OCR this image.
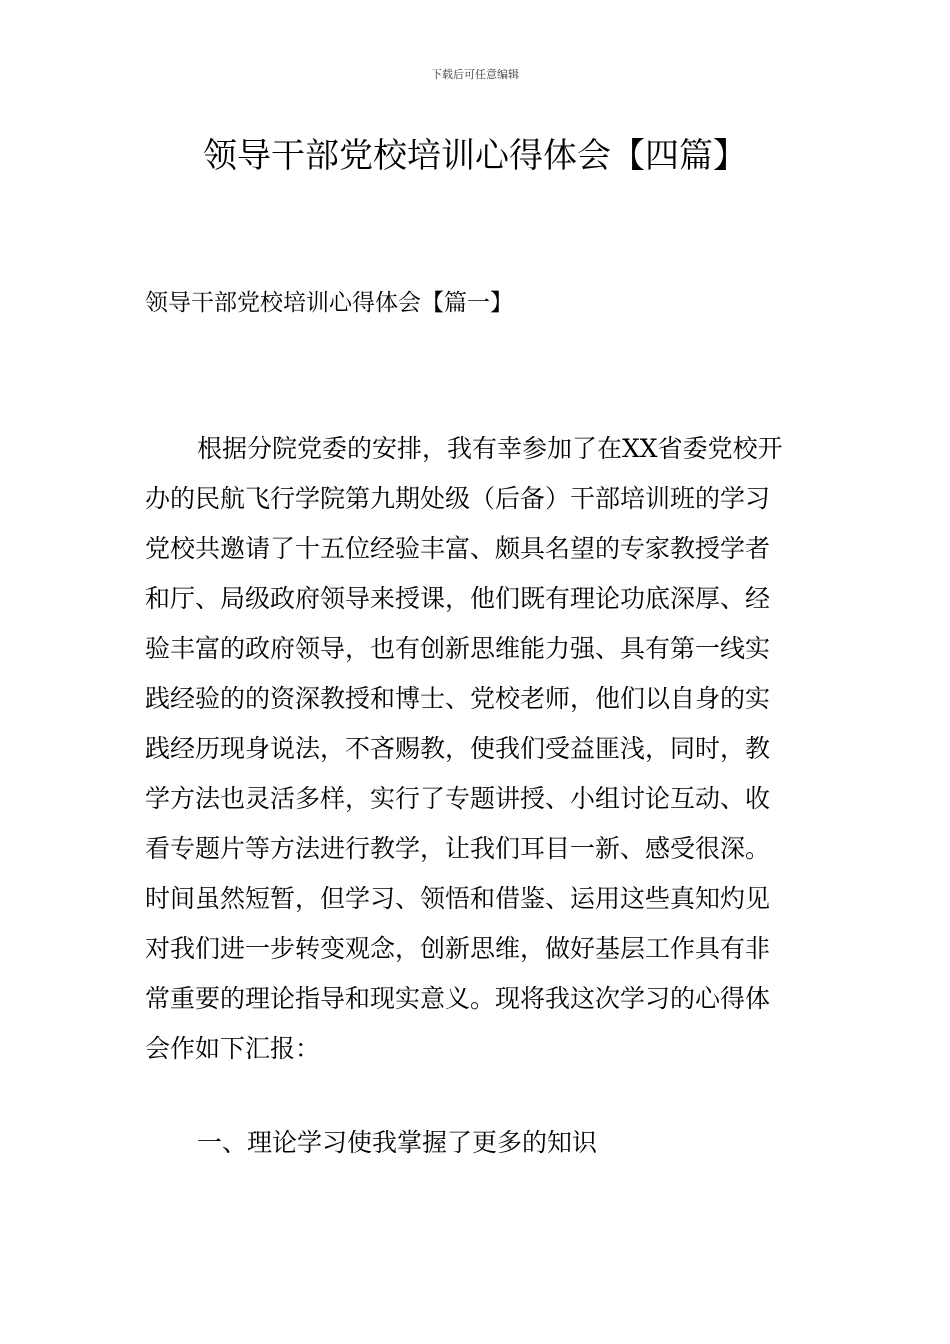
下载后可任意编辑
领导干部党校培训心得体会【四篇】
领导干部党校培训心得体会【篇一】
根据分院党委的安排，我有幸参加了在XX省委党校开
办的民航飞行学院第九期处级（后备）干部培训班的学习
党校共邀请了十五位经验丰富、颇具名望的专家教授学者
和厅、局级政府领导来授课，他们既有理论功底深厚、经
验丰富的政府领导，也有创新思维能力强、具有第一线实
践经验的的资深教授和博士、党校老师，他们以自身的实
践经历现身说法，不吝赐教，使我们受益匪浅，同时，教
学方法也灵活多样，实行了专题讲授、小组讨论互动、收
看专题片等方法进行教学，让我们耳目一新、感受很深。
时间虽然短暂，但学习、领悟和借鉴、运用这些真知灼见
对我们进一步转变观念，创新思维，做好基层工作具有非
常重要的理论指导和现实意义。现将我这次学习的心得体
会作如下汇报：
一、理论学习使我掌握了更多的知识
